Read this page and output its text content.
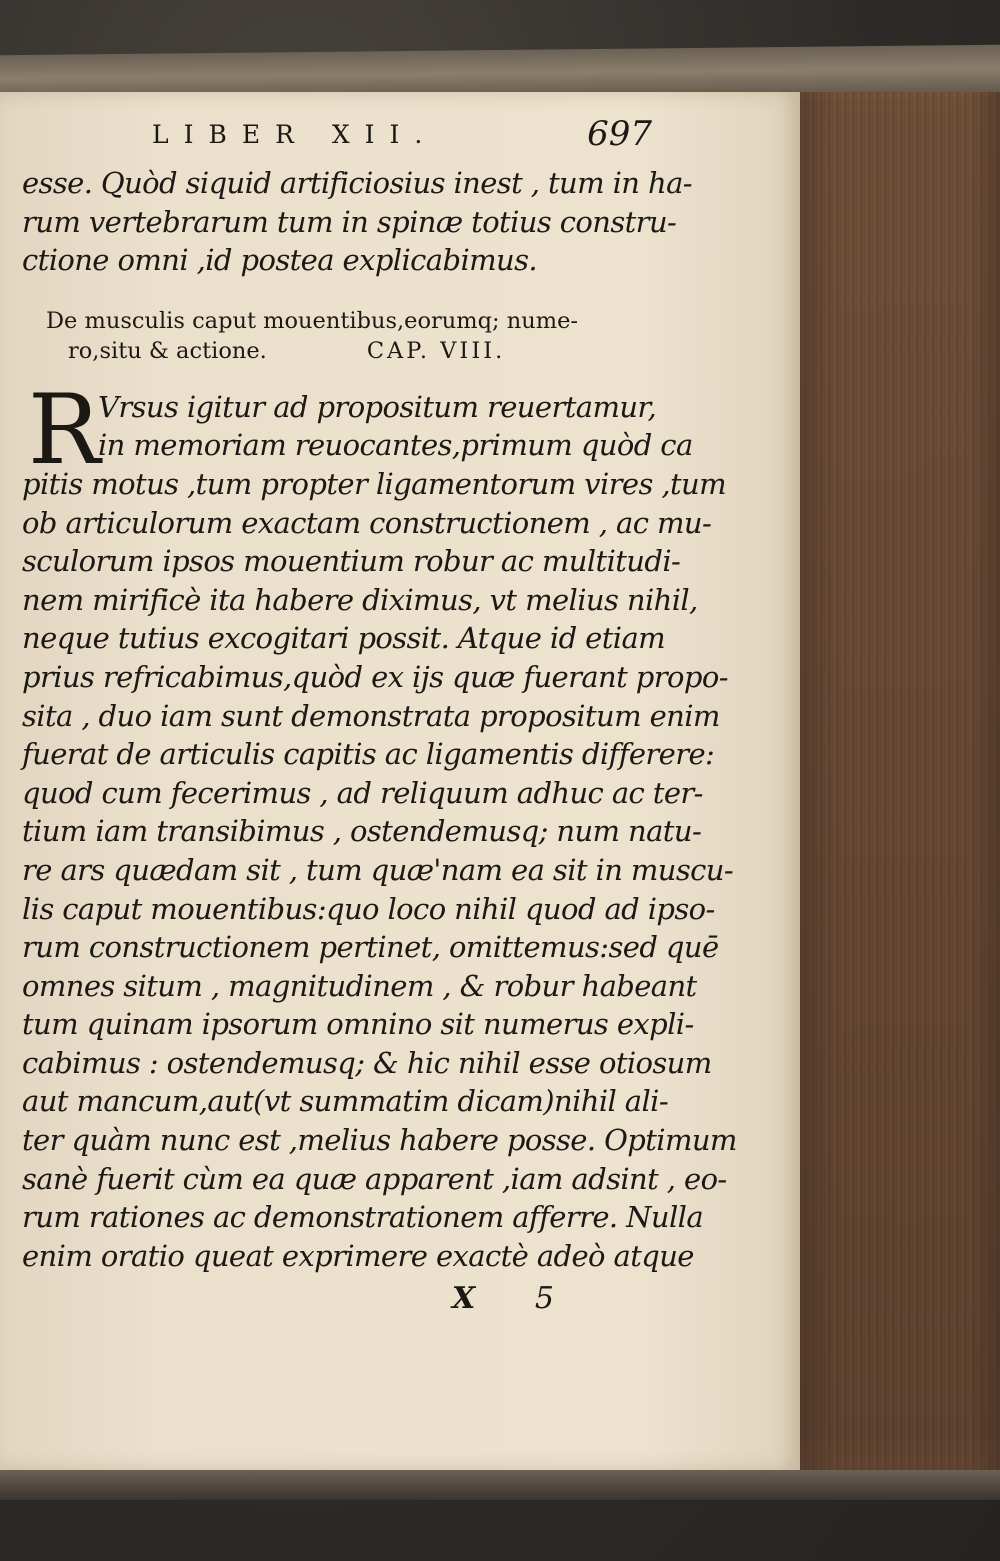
LIBER XII.	697
esse. Quòd siquid artificiosius inest , tum in ha-
rum vertebrarum tum in spinæ totius constru-
ctione omni ,id postea explicabimus.
De musculis caput mouentibus,eorumq; nume-
ro,situ & actione.	CAP. VIII.
R
Vrsus igitur ad propositum reuertamur,
in memoriam reuocantes,primum quòd ca
pitis motus ,tum propter ligamentorum vires ,tum
ob articulorum exactam constructionem , ac mu-
sculorum ipsos mouentium robur ac multitudi-
nem mirificè ita habere diximus, vt melius nihil,
neque tutius excogitari possit. Atque id etiam
prius refricabimus,quòd ex ijs quæ fuerant propo-
sita , duo iam sunt demonstrata propositum enim
fuerat de articulis capitis ac ligamentis differere:
quod cum fecerimus , ad reliquum adhuc ac ter-
tium iam transibimus , ostendemusq; num natu-
re ars quædam sit , tum quæ'nam ea sit in muscu-
lis caput mouentibus:quo loco nihil quod ad ipso-
rum constructionem pertinet, omittemus:sed quē
omnes situm , magnitudinem , & robur habeant
tum quinam ipsorum omnino sit numerus expli-
cabimus : ostendemusq; & hic nihil esse otiosum
aut mancum,aut(vt summatim dicam)nihil ali-
ter quàm nunc est ,melius habere posse. Optimum
sanè fuerit cùm ea quæ apparent ,iam adsint , eo-
rum rationes ac demonstrationem afferre. Nulla
enim oratio queat exprimere exactè adeò atque
X 5
